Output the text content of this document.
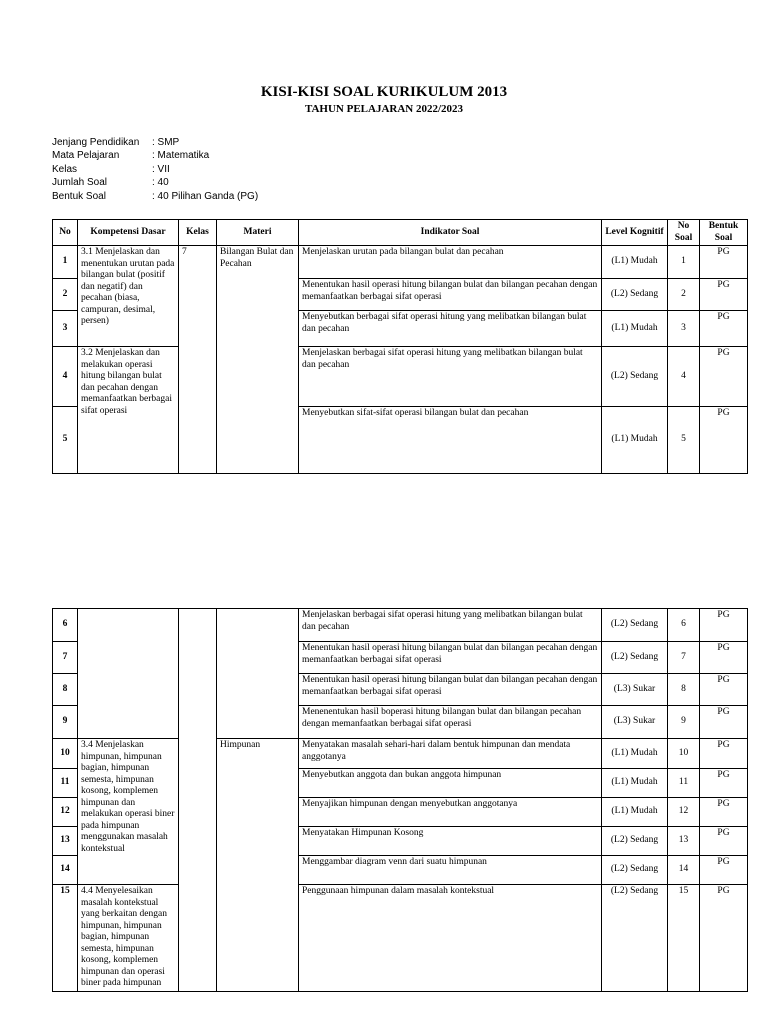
KISI-KISI SOAL KURIKULUM 2013
TAHUN PELAJARAN 2022/2023
Jenjang Pendidikan	: SMP
Mata Pelajaran	: Matematika
Kelas	: VII
Jumlah Soal	: 40
Bentuk Soal	: 40 Pilihan Ganda (PG)
No	Kompetensi Dasar	Kelas	Materi	Indikator Soal	Level Kognitif	No Soal	Bentuk Soal
1	3.1 Menjelaskan dan menentukan urutan pada bilangan bulat (positif dan negatif) dan pecahan (biasa, campuran, desimal, persen)	7	Bilangan Bulat dan Pecahan	Menjelaskan urutan pada bilangan bulat dan pecahan	(L1) Mudah	1	PG
2				Menentukan hasil operasi hitung bilangan bulat dan bilangan pecahan dengan memanfaatkan berbagai sifat operasi	(L2) Sedang	2	PG
3				Menyebutkan berbagai sifat operasi hitung yang melibatkan bilangan bulat dan pecahan	(L1) Mudah	3	PG
4	3.2 Menjelaskan dan melakukan operasi hitung bilangan bulat dan pecahan dengan memanfaatkan berbagai sifat operasi			Menjelaskan berbagai sifat operasi hitung yang melibatkan bilangan bulat dan pecahan	(L2) Sedang	4	PG
5				Menyebutkan sifat-sifat operasi bilangan bulat dan pecahan	(L1) Mudah	5	PG
6				Menjelaskan berbagai sifat operasi hitung yang melibatkan bilangan bulat dan pecahan	(L2) Sedang	6	PG
7				Menentukan hasil operasi hitung bilangan bulat dan bilangan pecahan dengan memanfaatkan berbagai sifat operasi	(L2) Sedang	7	PG
8				Menentukan hasil operasi hitung bilangan bulat dan bilangan pecahan dengan memanfaatkan berbagai sifat operasi	(L3) Sukar	8	PG
9				Menenentukan hasil boperasi hitung bilangan bulat dan bilangan pecahan dengan memanfaatkan berbagai sifat operasi	(L3) Sukar	9	PG
10	3.4 Menjelaskan himpunan, himpunan bagian, himpunan semesta, himpunan kosong, komplemen himpunan dan melakukan operasi biner pada himpunan menggunakan masalah kontekstual		Himpunan	Menyatakan masalah sehari-hari dalam bentuk himpunan dan mendata anggotanya	(L1) Mudah	10	PG
11				Menyebutkan anggota dan bukan anggota himpunan	(L1) Mudah	11	PG
12				Menyajikan himpunan dengan menyebutkan anggotanya	(L1) Mudah	12	PG
13				Menyatakan Himpunan Kosong	(L2) Sedang	13	PG
14				Menggambar diagram venn dari suatu himpunan	(L2) Sedang	14	PG
15	4.4 Menyelesaikan masalah kontekstual yang berkaitan dengan himpunan, himpunan bagian, himpunan semesta, himpunan kosong, komplemen himpunan dan operasi biner pada himpunan			Penggunaan himpunan dalam masalah kontekstual	(L2) Sedang	15	PG
